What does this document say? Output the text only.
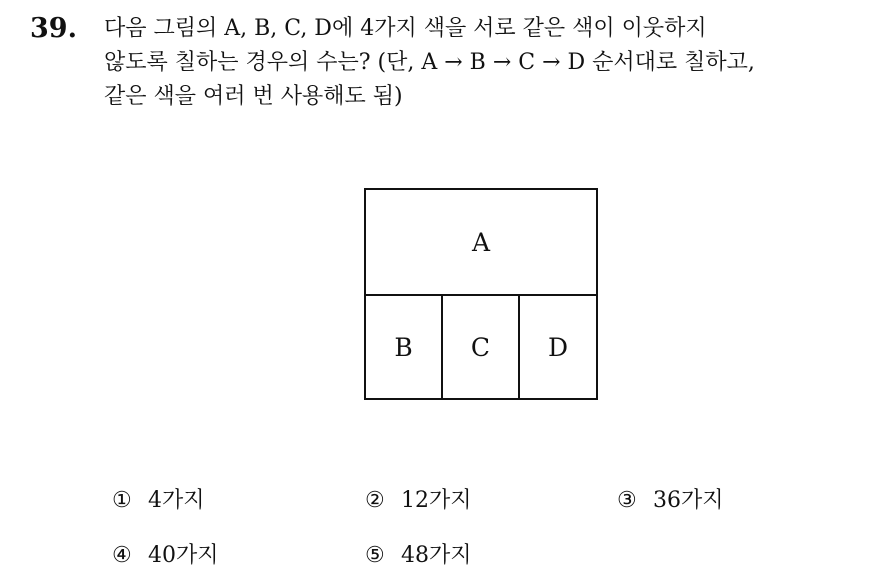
39. 다음 그림의 A, B, C, D에 4가지 색을 서로 같은 색이 이웃하지
않도록 칠하는 경우의 수는? (단, A → B → C → D 순서대로 칠하고,
같은 색을 여러 번 사용해도 됨)
A
B C D
① 4가지	② 12가지	③ 36가지
④ 40가지	⑤ 48가지
